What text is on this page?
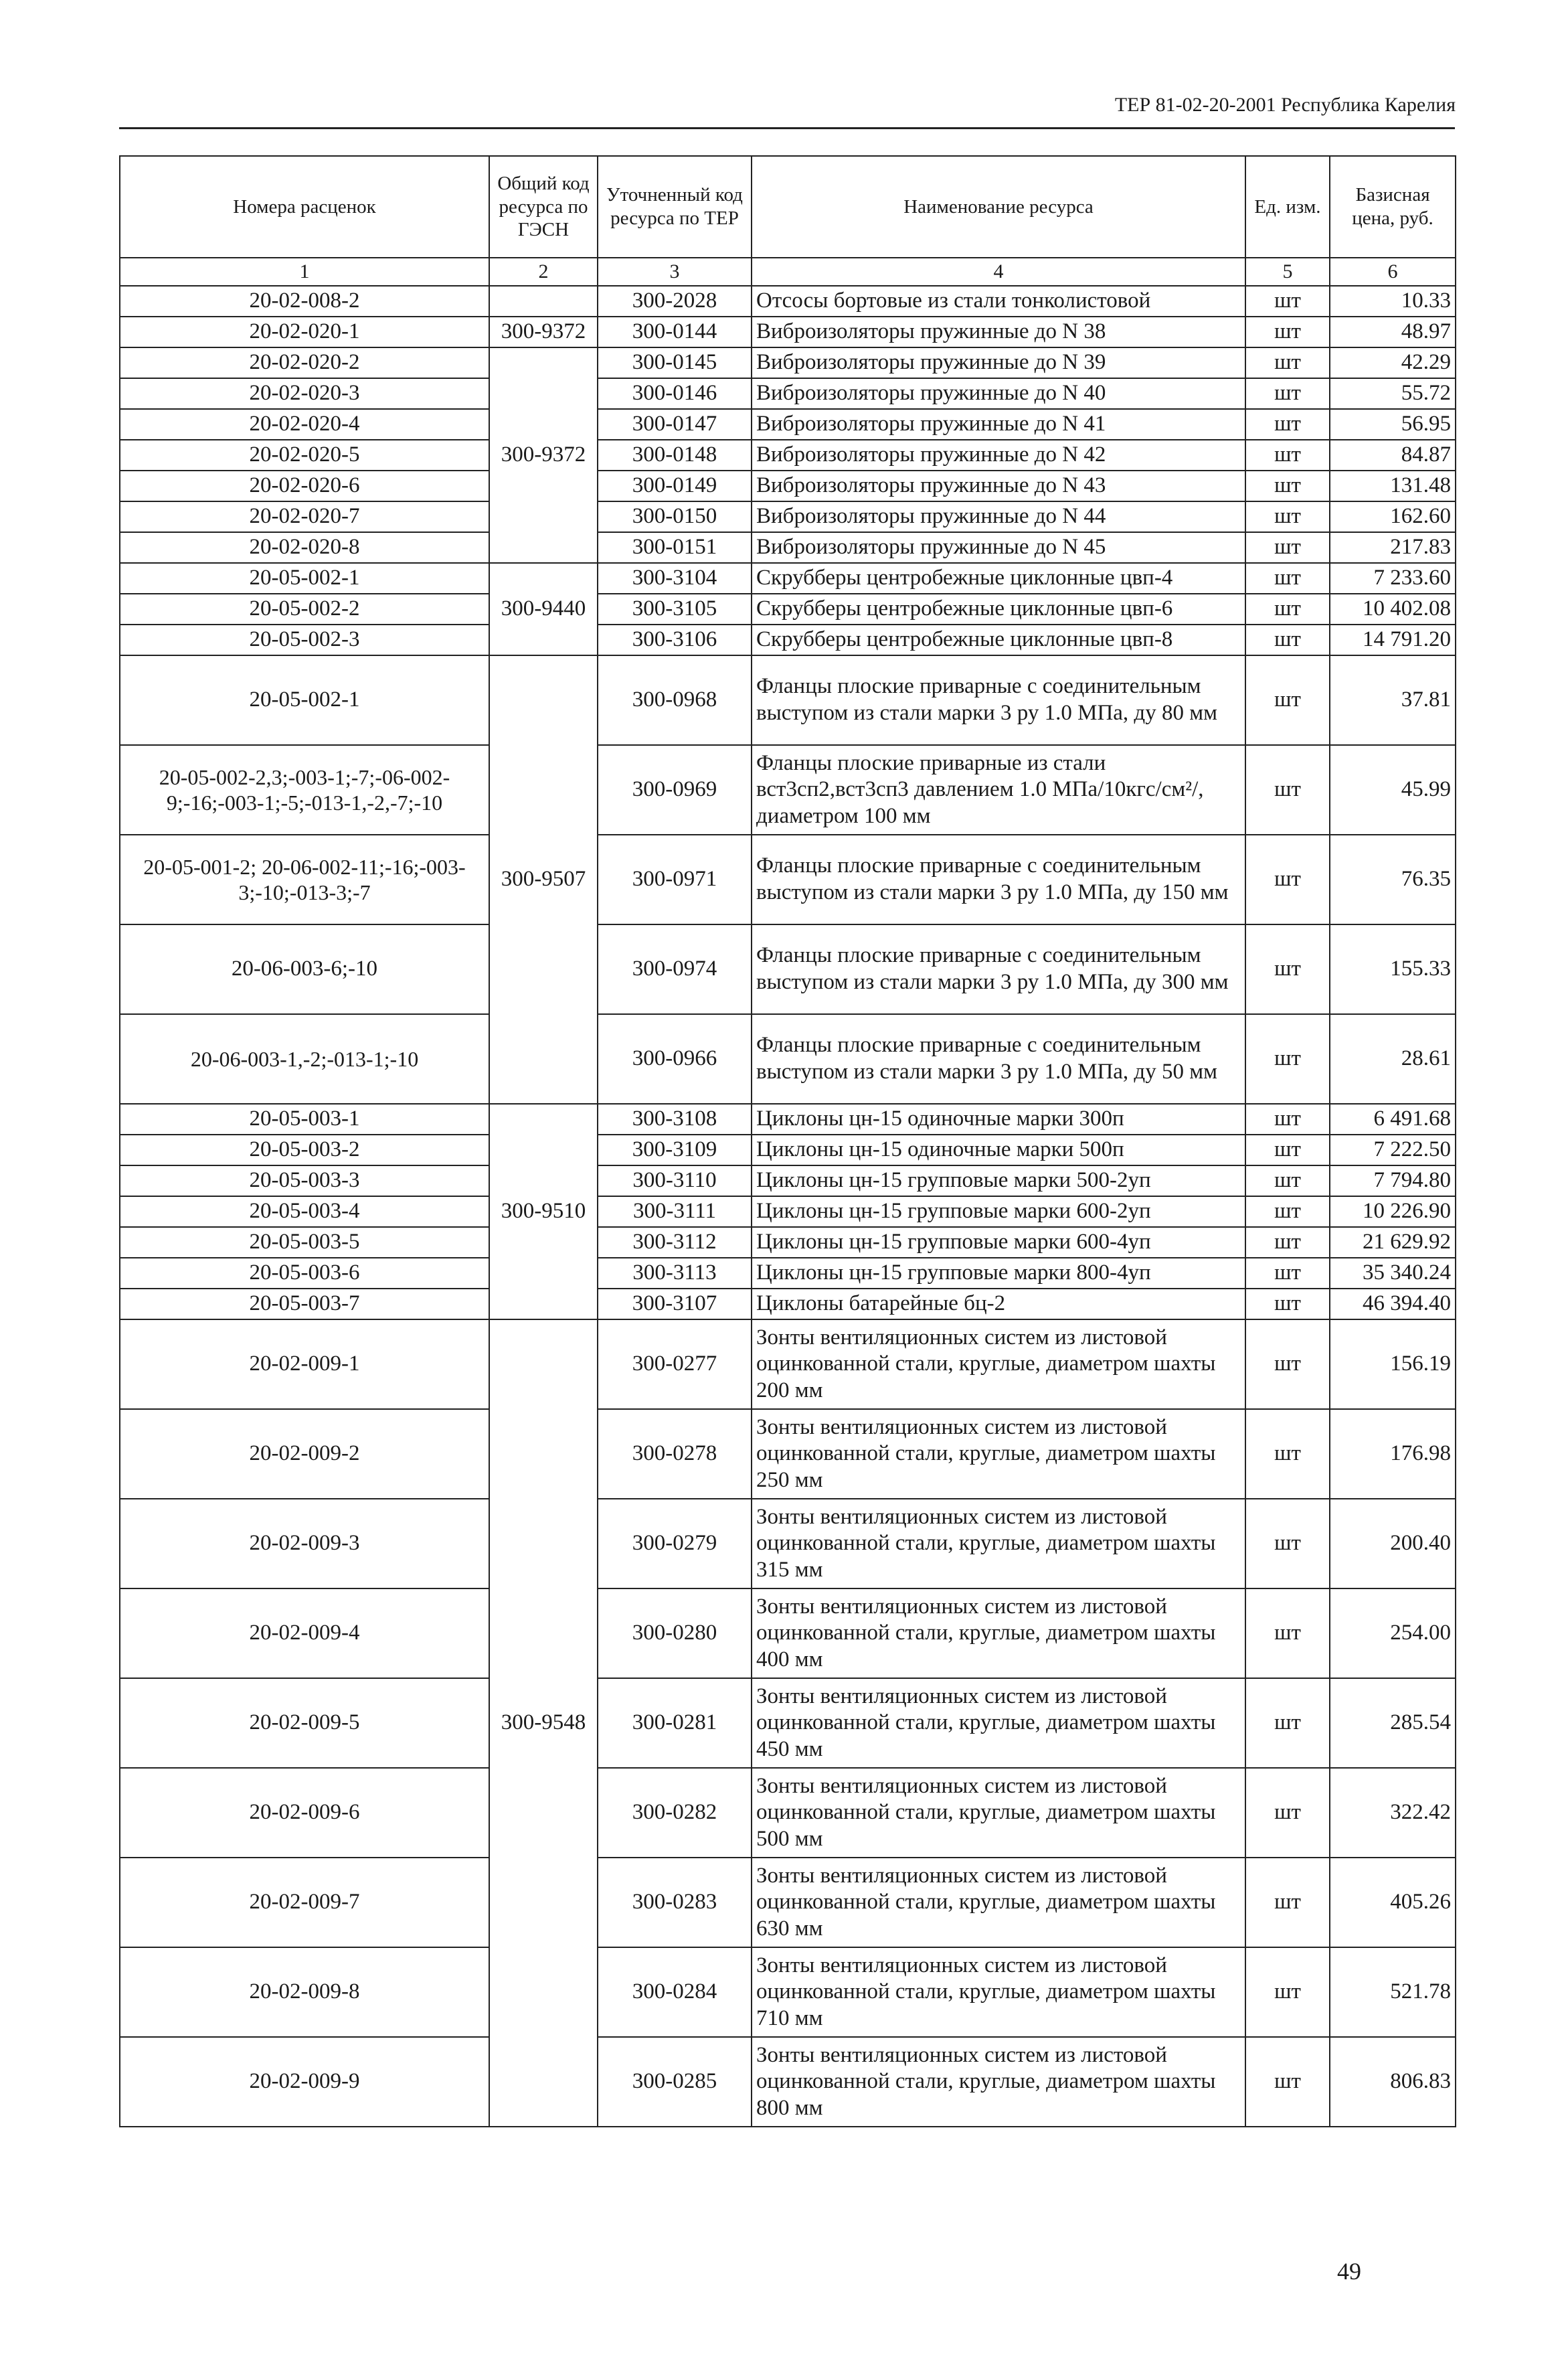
ТЕР 81-02-20-2001 Республика Карелия
Номера расценок	Общий код ресурса по ГЭСН	Уточненный код ресурса по ТЕР	Наименование ресурса	Ед. изм.	Базисная цена, руб.
1	2	3	4	5	6
20-02-008-2		300-2028	Отсосы бортовые из стали тонколистовой	шт	10.33
20-02-020-1	300-9372	300-0144	Виброизоляторы пружинные до N 38	шт	48.97
20-02-020-2	300-9372	300-0145	Виброизоляторы пружинные до N 39	шт	42.29
20-02-020-3		300-0146	Виброизоляторы пружинные до N 40	шт	55.72
20-02-020-4		300-0147	Виброизоляторы пружинные до N 41	шт	56.95
20-02-020-5		300-0148	Виброизоляторы пружинные до N 42	шт	84.87
20-02-020-6		300-0149	Виброизоляторы пружинные до N 43	шт	131.48
20-02-020-7		300-0150	Виброизоляторы пружинные до N 44	шт	162.60
20-02-020-8		300-0151	Виброизоляторы пружинные до N 45	шт	217.83
20-05-002-1	300-9440	300-3104	Скрубберы центробежные циклонные цвп-4	шт	7 233.60
20-05-002-2		300-3105	Скрубберы центробежные циклонные цвп-6	шт	10 402.08
20-05-002-3		300-3106	Скрубберы центробежные циклонные цвп-8	шт	14 791.20
20-05-002-1	300-9507	300-0968	Фланцы плоские приварные с соединительным выступом из стали марки 3 ру 1.0 МПа, ду 80 мм	шт	37.81
20-05-002-2,3;-003-1;-7;-06-002-9;-16;-003-1;-5;-013-1,-2,-7;-10		300-0969	Фланцы плоские приварные из стали вст3сп2,вст3сп3 давлением 1.0 МПа/10кгс/см²/, диаметром 100 мм	шт	45.99
20-05-001-2; 20-06-002-11;-16;-003-3;-10;-013-3;-7		300-0971	Фланцы плоские приварные с соединительным выступом из стали марки 3 ру 1.0 МПа, ду 150 мм	шт	76.35
20-06-003-6;-10		300-0974	Фланцы плоские приварные с соединительным выступом из стали марки 3 ру 1.0 МПа, ду 300 мм	шт	155.33
20-06-003-1,-2;-013-1;-10		300-0966	Фланцы плоские приварные с соединительным выступом из стали марки 3 ру 1.0 МПа, ду 50 мм	шт	28.61
20-05-003-1	300-9510	300-3108	Циклоны цн-15 одиночные марки 300п	шт	6 491.68
20-05-003-2		300-3109	Циклоны цн-15 одиночные марки 500п	шт	7 222.50
20-05-003-3		300-3110	Циклоны цн-15 групповые марки 500-2уп	шт	7 794.80
20-05-003-4		300-3111	Циклоны цн-15 групповые марки 600-2уп	шт	10 226.90
20-05-003-5		300-3112	Циклоны цн-15 групповые марки 600-4уп	шт	21 629.92
20-05-003-6		300-3113	Циклоны цн-15 групповые марки 800-4уп	шт	35 340.24
20-05-003-7		300-3107	Циклоны батарейные бц-2	шт	46 394.40
20-02-009-1	300-9548	300-0277	Зонты вентиляционных систем из листовой оцинкованной стали, круглые, диаметром шахты 200 мм	шт	156.19
20-02-009-2		300-0278	Зонты вентиляционных систем из листовой оцинкованной стали, круглые, диаметром шахты 250 мм	шт	176.98
20-02-009-3		300-0279	Зонты вентиляционных систем из листовой оцинкованной стали, круглые, диаметром шахты 315 мм	шт	200.40
20-02-009-4		300-0280	Зонты вентиляционных систем из листовой оцинкованной стали, круглые, диаметром шахты 400 мм	шт	254.00
20-02-009-5		300-0281	Зонты вентиляционных систем из листовой оцинкованной стали, круглые, диаметром шахты 450 мм	шт	285.54
20-02-009-6		300-0282	Зонты вентиляционных систем из листовой оцинкованной стали, круглые, диаметром шахты 500 мм	шт	322.42
20-02-009-7		300-0283	Зонты вентиляционных систем из листовой оцинкованной стали, круглые, диаметром шахты 630 мм	шт	405.26
20-02-009-8		300-0284	Зонты вентиляционных систем из листовой оцинкованной стали, круглые, диаметром шахты 710 мм	шт	521.78
20-02-009-9		300-0285	Зонты вентиляционных систем из листовой оцинкованной стали, круглые, диаметром шахты 800 мм	шт	806.83
49
